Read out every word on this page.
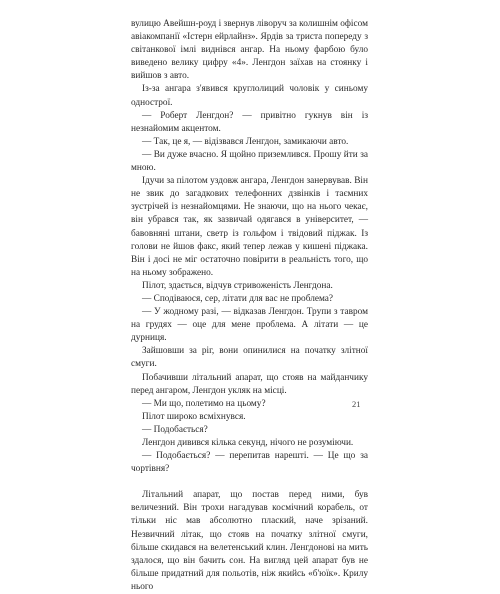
вулицю Авейшн-роуд і звернув ліворуч за колишнім офісом авіакомпанії «Істерн ейрлайнз». Ярдів за триста попереду з світанкової імлі виднівся ангар. На ньому фарбою було виведено велику цифру «4». Ленгдон заїхав на стоянку і вийшов з авто.

Із-за ангара з'явився круглолиций чоловік у синьому однострої.

— Роберт Ленгдон? — привітно гукнув він із незнайомим акцентом.

— Так, це я, — відізвався Ленгдон, замикаючи авто.

— Ви дуже вчасно. Я щойно приземлився. Прошу йти за мною.

Ідучи за пілотом уздовж ангара, Ленгдон занервував. Він не звик до загадкових телефонних дзвінків і таємних зустрічей із незнайомцями. Не знаючи, що на нього чекає, він убрався так, як зазвичай одягався в університет, — бавовняні штани, светр із гольфом і твідовий піджак. Із голови не йшов факс, який тепер лежав у кишені піджака. Він і досі не міг остаточно повірити в реальність того, що на ньому зображено.

Пілот, здається, відчув стривоженість Ленгдона.

— Сподіваюся, сер, літати для вас не проблема?

— У жодному разі, — відказав Ленгдон. Трупи з тавром на грудях — оце для мене проблема. А літати — це дурниця.

Зайшовши за ріг, вони опинилися на початку злітної смуги.

Побачивши літальний апарат, що стояв на майданчику перед ангаром, Ленгдон укляк на місці.

— Ми що, полетимо на цьому?

Пілот широко всміхнувся.

— Подобається?

Ленгдон дивився кілька секунд, нічого не розуміючи.

— Подобається? — перепитав нарешті. — Це що за чортівня?

Літальний апарат, що постав перед ними, був величезний. Він трохи нагадував космічний корабель, от тільки ніс мав абсолютно плаский, наче зрізаний. Незвичний літак, що стояв на початку злітної смуги, більше скидався на велетенський клин. Ленгдонові на мить здалося, що він бачить сон. На вигляд цей апарат був не більше придатний для польотів, ніж якийсь «б'юїк». Крилу нього

21
